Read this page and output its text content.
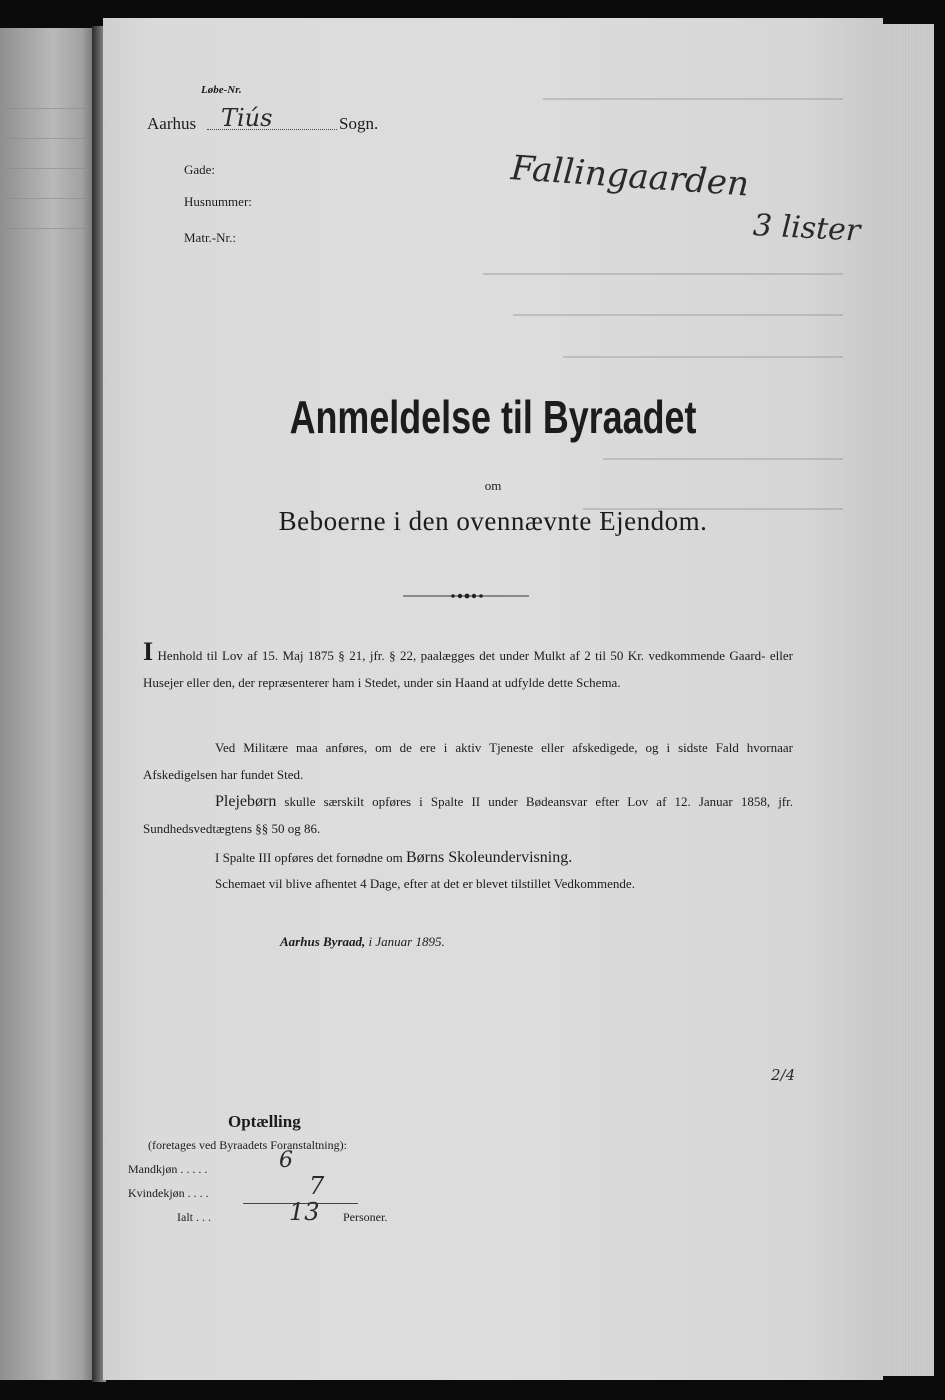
Løbe-Nr.
Aarhus Tiús	Sogn.
Gade:
Husnummer:
Matr.-Nr.:
Fallingaarden
3 lister
Anmeldelse til Byraadet
om
Beboerne i den ovennævnte Ejendom.
I Henhold til Lov af 15. Maj 1875 § 21, jfr. § 22, paalægges det under Mulkt af 2 til 50 Kr. vedkommende Gaard- eller Husejer eller den, der repræsenterer ham i Stedet, under sin Haand at udfylde dette Schema.
Ved Militære maa anføres, om de ere i aktiv Tjeneste eller afskedigede, og i sidste Fald hvornaar Afskedigelsen har fundet Sted.
Plejebørn skulle særskilt opføres i Spalte II under Bødeansvar efter Lov af 12. Januar 1858, jfr. Sundhedsvedtægtens §§ 50 og 86.
I Spalte III opføres det fornødne om Børns Skoleundervisning.
Schemaet vil blive afhentet 4 Dage, efter at det er blevet tilstillet Vedkommende.
Aarhus Byraad, i Januar 1895.
2/4
Optælling
(foretages ved Byraadets Foranstaltning):
Mandkjøn . . . . .	6
Kvindekjøn . . . .	7
Ialt . . .	13 Personer.
